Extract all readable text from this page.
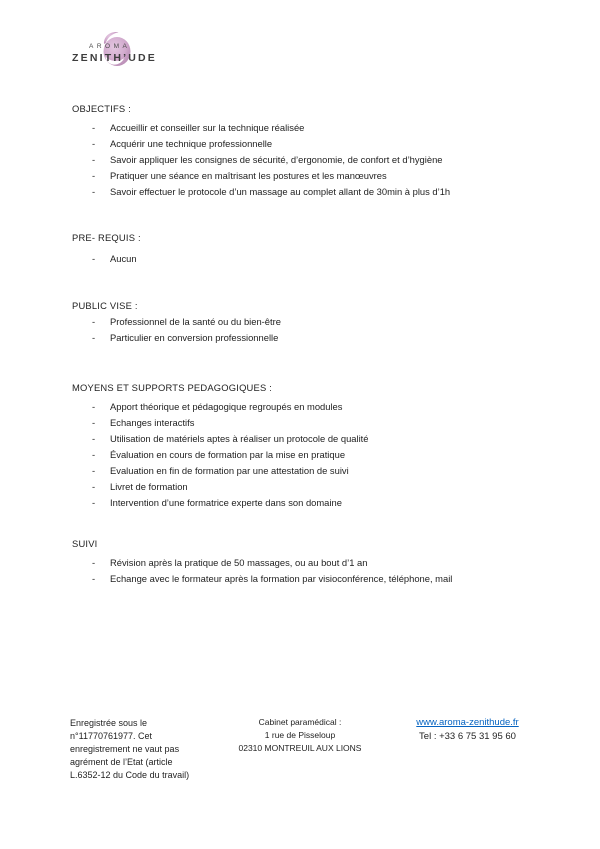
AROMA
ZENITH’UDE
OBJECTIFS :
-	Accueillir et conseiller sur la technique réalisée
-	Acquérir une technique professionnelle
-	Savoir appliquer les consignes de sécurité, d’ergonomie, de confort et d’hygiène
-	Pratiquer une séance en maîtrisant les postures et les manœuvres
-	Savoir effectuer le protocole d’un massage au complet allant de 30min à plus d’1h
PRE- REQUIS :
-	Aucun
PUBLIC VISE :
-	Professionnel de la santé ou du bien-être
-	Particulier en conversion professionnelle
MOYENS ET SUPPORTS PEDAGOGIQUES :
-	Apport théorique et pédagogique regroupés en modules
-	Echanges interactifs
-	Utilisation de matériels aptes à réaliser un protocole de qualité
-	Évaluation en cours de formation par la mise en pratique
-	Evaluation en fin de formation par une attestation de suivi
-	Livret de formation
-	Intervention d’une formatrice experte dans son domaine
SUIVI
-	Révision après la pratique de 50 massages, ou au bout d’1 an
-	Echange avec le formateur après la formation par visioconférence, téléphone, mail
Enregistrée sous le
n°11770761977. Cet
enregistrement ne vaut pas
agrément de l’Etat (article
L.6352-12 du Code du travail)
Cabinet paramédical :
1 rue de Pisseloup
02310 MONTREUIL AUX LIONS
www.aroma-zenithude.fr
Tel : +33 6 75 31 95 60
